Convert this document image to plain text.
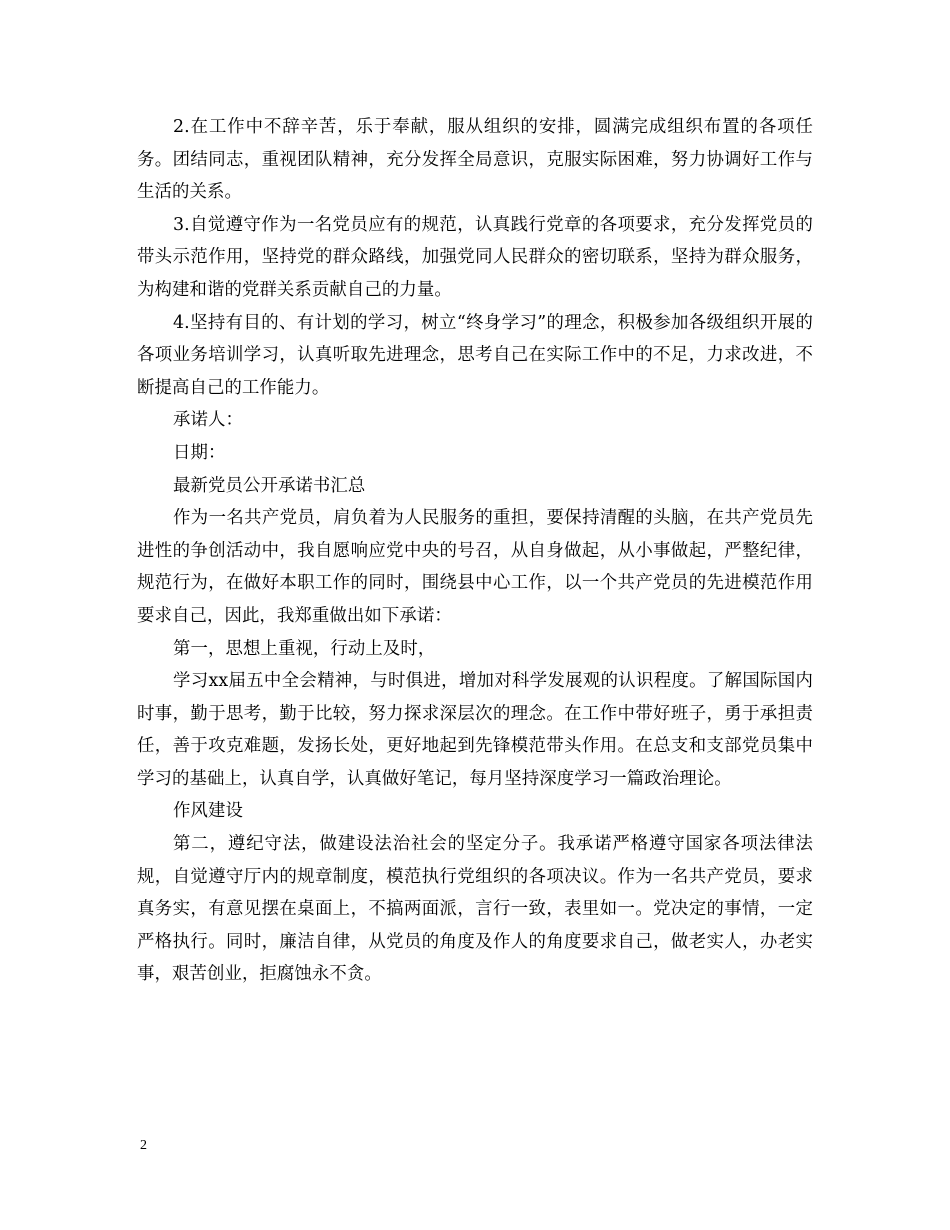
2.在工作中不辞辛苦，乐于奉献，服从组织的安排，圆满完成组织布置的各项任务。团结同志，重视团队精神，充分发挥全局意识，克服实际困难，努力协调好工作与生活的关系。

3.自觉遵守作为一名党员应有的规范，认真践行党章的各项要求，充分发挥党员的带头示范作用，坚持党的群众路线，加强党同人民群众的密切联系，坚持为群众服务，为构建和谐的党群关系贡献自己的力量。

4.坚持有目的、有计划的学习，树立“终身学习”的理念，积极参加各级组织开展的各项业务培训学习，认真听取先进理念，思考自己在实际工作中的不足，力求改进，不断提高自己的工作能力。

承诺人：

日期：

最新党员公开承诺书汇总

作为一名共产党员，肩负着为人民服务的重担，要保持清醒的头脑，在共产党员先进性的争创活动中，我自愿响应党中央的号召，从自身做起，从小事做起，严整纪律，规范行为，在做好本职工作的同时，围绕县中心工作，以一个共产党员的先进模范作用要求自己，因此，我郑重做出如下承诺：

第一，思想上重视，行动上及时，

学习xx届五中全会精神，与时俱进，增加对科学发展观的认识程度。了解国际国内时事，勤于思考，勤于比较，努力探求深层次的理念。在工作中带好班子，勇于承担责任，善于攻克难题，发扬长处，更好地起到先锋模范带头作用。在总支和支部党员集中学习的基础上，认真自学，认真做好笔记，每月坚持深度学习一篇政治理论。

作风建设

第二，遵纪守法，做建设法治社会的坚定分子。我承诺严格遵守国家各项法律法规，自觉遵守厅内的规章制度，模范执行党组织的各项决议。作为一名共产党员，要求真务实，有意见摆在桌面上，不搞两面派，言行一致，表里如一。党决定的事情，一定严格执行。同时，廉洁自律，从党员的角度及作人的角度要求自己，做老实人，办老实事，艰苦创业，拒腐蚀永不贪。

2
